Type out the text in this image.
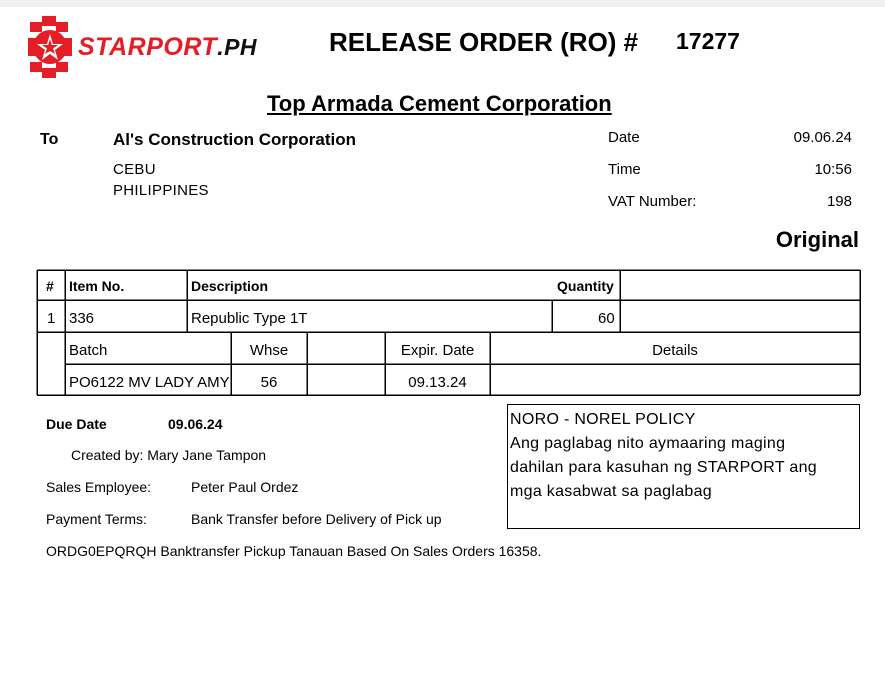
STARPORT.PH	RELEASE ORDER (RO) # 17277
Top Armada Cement Corporation
To	Al's Construction Corporation
CEBU
PHILIPPINES
Date	09.06.24
Time	10:56
VAT Number:	198
Original
# Item No.	Description	Quantity
1 336	Republic Type 1T	60
Batch	Whse	Expir. Date	Details
PO6122 MV LADY AMY	56	09.13.24
Due Date	09.06.24
Created by: Mary Jane Tampon
Sales Employee:	Peter Paul Ordez
Payment Terms:	Bank Transfer before Delivery of Pick up
ORDG0EPQRQH Banktransfer Pickup Tanauan Based On Sales Orders 16358.
NORO - NOREL POLICY
Ang paglabag nito aymaaring maging
dahilan para kasuhan ng STARPORT ang
mga kasabwat sa paglabag
